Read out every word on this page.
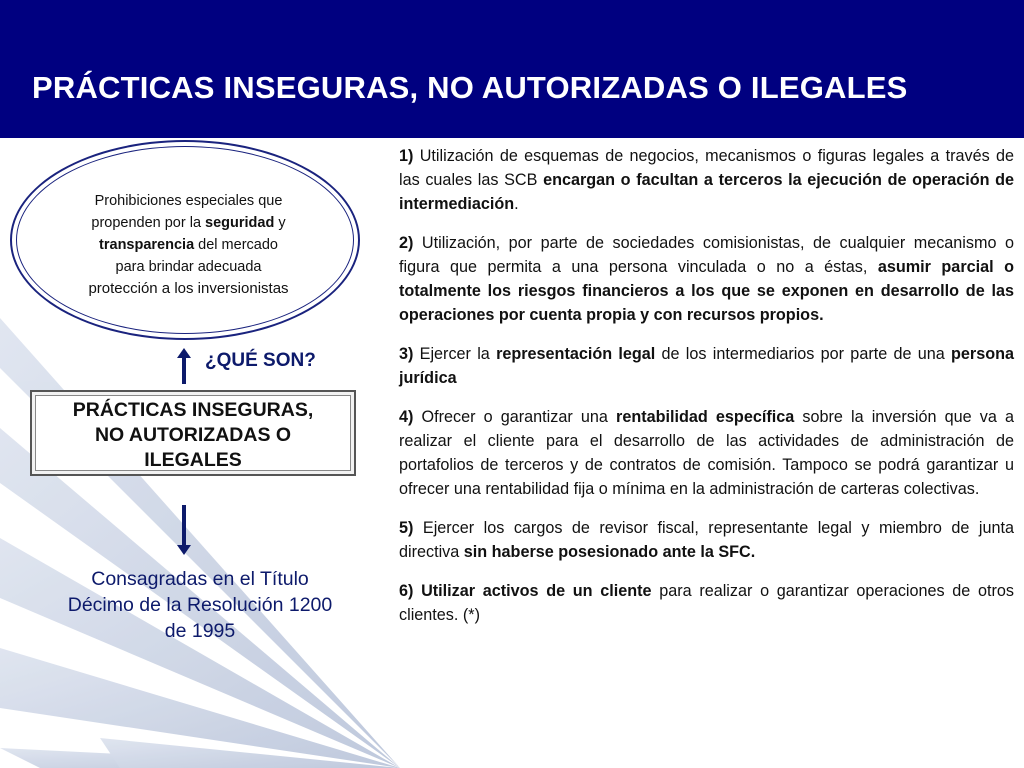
PRÁCTICAS INSEGURAS, NO AUTORIZADAS O ILEGALES
Prohibiciones especiales que
propenden por la seguridad y
transparencia del mercado
para brindar adecuada
protección a los inversionistas
¿QUÉ SON?
PRÁCTICAS INSEGURAS,
NO AUTORIZADAS O
ILEGALES
Consagradas en el Título
Décimo de la Resolución 1200
de 1995

1) Utilización de esquemas de negocios, mecanismos o figuras legales a través de las cuales las SCB encargan o facultan a terceros la ejecución de operación de intermediación.

2) Utilización, por parte de sociedades comisionistas, de cualquier mecanismo o figura que permita a una persona vinculada o no a éstas, asumir parcial o totalmente los riesgos financieros a los que se exponen en desarrollo de las operaciones por cuenta propia y con recursos propios.

3) Ejercer la representación legal de los intermediarios por parte de una persona jurídica

4) Ofrecer o garantizar una rentabilidad específica sobre la inversión que va a realizar el cliente para el desarrollo de las actividades de administración de portafolios de terceros y de contratos de comisión. Tampoco se podrá garantizar u ofrecer una rentabilidad fija o mínima en la administración de carteras colectivas.

5) Ejercer los cargos de revisor fiscal, representante legal y miembro de junta directiva sin haberse posesionado ante la SFC.

6) Utilizar activos de un cliente para realizar o garantizar operaciones de otros clientes. (*)
